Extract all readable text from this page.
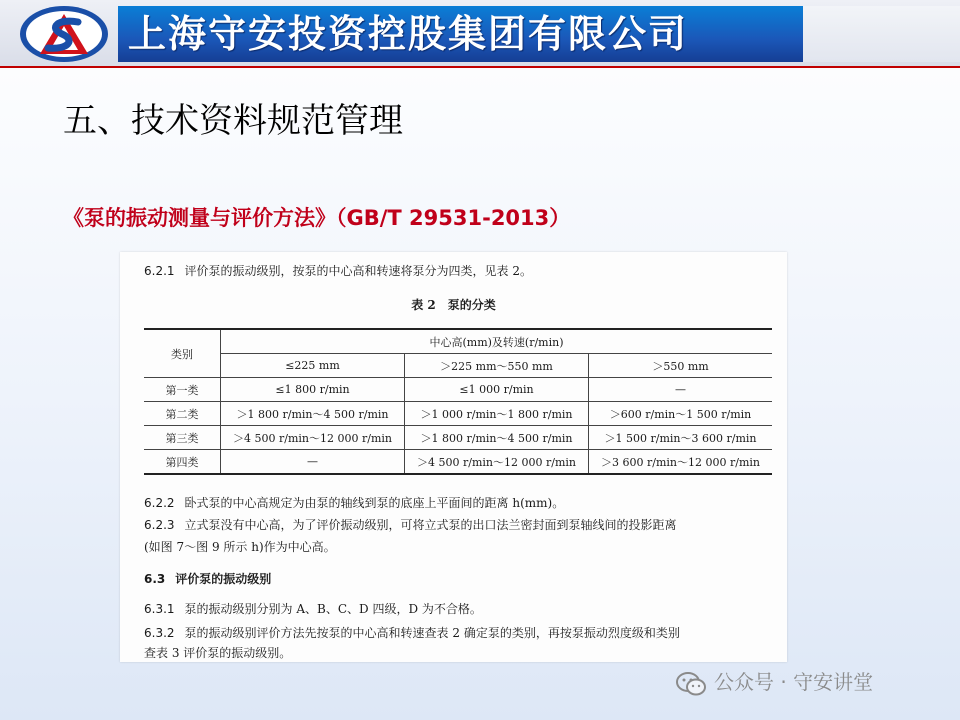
上海守安投资控股集团有限公司
五、技术资料规范管理
《泵的振动测量与评价方法》（GB/T 29531-2013）
6.2.1 评价泵的振动级别，按泵的中心高和转速将泵分为四类，见表 2。
表 2　泵的分类
类别	中心高(mm)及转速(r/min)		
	≤225 mm	＞225 mm～550 mm	＞550 mm
第一类	≤1 800 r/min	≤1 000 r/min	—
第二类	＞1 800 r/min～4 500 r/min	＞1 000 r/min～1 800 r/min	＞600 r/min～1 500 r/min
第三类	＞4 500 r/min～12 000 r/min	＞1 800 r/min～4 500 r/min	＞1 500 r/min～3 600 r/min
第四类	—	＞4 500 r/min～12 000 r/min	＞3 600 r/min～12 000 r/min
6.2.2 卧式泵的中心高规定为由泵的轴线到泵的底座上平面间的距离 h(mm)。
6.2.3 立式泵没有中心高，为了评价振动级别，可将立式泵的出口法兰密封面到泵轴线间的投影距离
(如图 7～图 9 所示 h)作为中心高。
6.3 评价泵的振动级别
6.3.1 泵的振动级别分别为 A、B、C、D 四级，D 为不合格。
6.3.2 泵的振动级别评价方法先按泵的中心高和转速查表 2 确定泵的类别，再按泵振动烈度级和类别
查表 3 评价泵的振动级别。
公众号 · 守安讲堂
